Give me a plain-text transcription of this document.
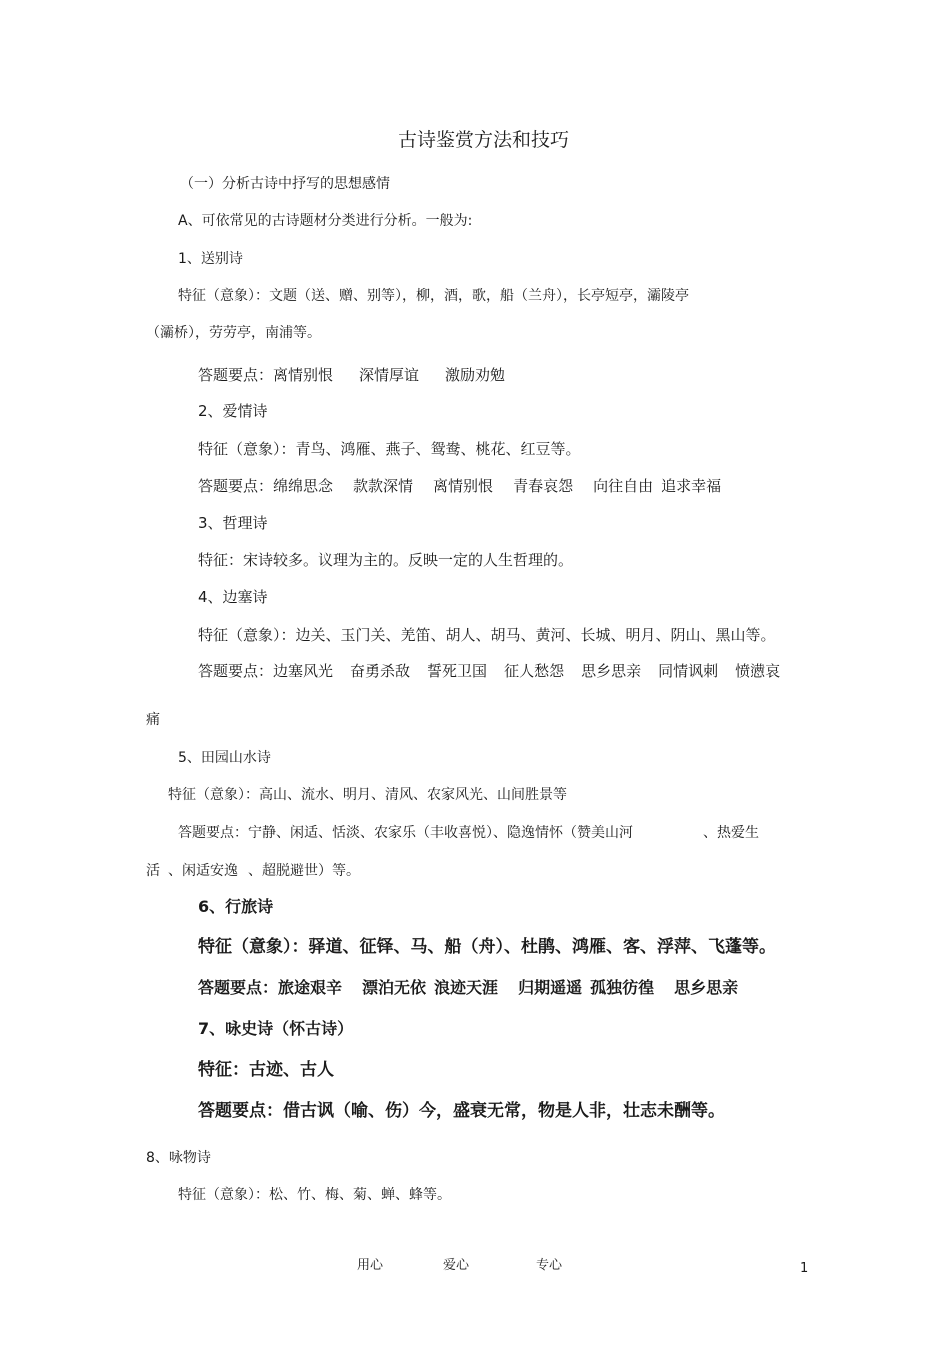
古诗鉴赏方法和技巧
（一）分析古诗中抒写的思想感情
A、可依常见的古诗题材分类进行分析。一般为:
1、送别诗
特征（意象）：文题（送、赠、别等），柳，酒，歌，船（兰舟），长亭短亭，灞陵亭
（灞桥），劳劳亭，南浦等。
答题要点：离情别恨 深情厚谊 激励劝勉
2、爱情诗
特征（意象）：青鸟、鸿雁、燕子、鸳鸯、桃花、红豆等。
答题要点：绵绵思念 款款深情 离情别恨 青春哀怨 向往自由 追求幸福
3、哲理诗
特征：宋诗较多。议理为主的。反映一定的人生哲理的。
4、边塞诗
特征（意象）：边关、玉门关、羌笛、胡人、胡马、黄河、长城、明月、阴山、黑山等。
答题要点：边塞风光 奋勇杀敌 誓死卫国 征人愁怨 思乡思亲 同情讽刺 愤懑哀
痛
5、田园山水诗
特征（意象）：高山、流水、明月、清风、农家风光、山间胜景等
答题要点：宁静、闲适、恬淡、农家乐（丰收喜悦）、隐逸情怀（赞美山河	、热爱生
活 、闲适安逸 、超脱避世）等。
6、行旅诗
特征（意象）：驿道、征铎、马、船（舟）、杜鹃、鸿雁、客、浮萍、飞蓬等。
答题要点：旅途艰辛 漂泊无依 浪迹天涯 归期遥遥 孤独彷徨 思乡思亲
7、咏史诗（怀古诗）
特征：古迹、古人
答题要点：借古讽（喻、伤）今，盛衰无常，物是人非，壮志未酬等。
8、咏物诗
特征（意象）：松、竹、梅、菊、蝉、蜂等。
用心	爱心	专心	1
